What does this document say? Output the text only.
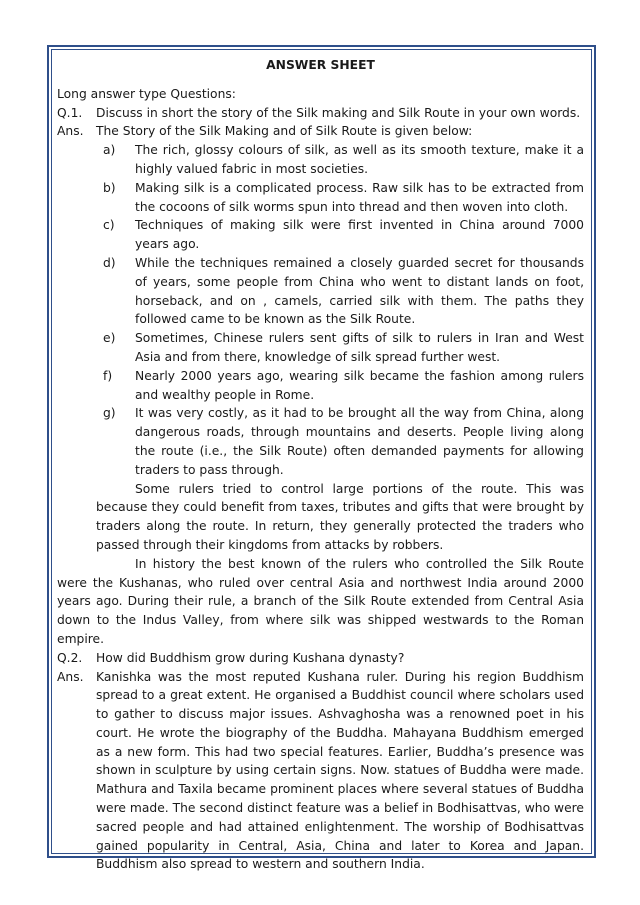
ANSWER SHEET

Long answer type Questions:

Q.1.	Discuss in short the story of the Silk making and Silk Route in your own words.
Ans.	The Story of the Silk Making and of Silk Route is given below:
a)	The rich, glossy colours of silk, as well as its smooth texture, make it a highly valued fabric in most societies.
b)	Making silk is a complicated process. Raw silk has to be extracted from the cocoons of silk worms spun into thread and then woven into cloth.
c)	Techniques of making silk were first invented in China around 7000 years ago.
d)	While the techniques remained a closely guarded secret for thousands of years, some people from China who went to distant lands on foot, horseback, and on , camels, carried silk with them. The paths they followed came to be known as the Silk Route.
e)	Sometimes, Chinese rulers sent gifts of silk to rulers in Iran and West Asia and from there, knowledge of silk spread further west.
f)	Nearly 2000 years ago, wearing silk became the fashion among rulers and wealthy people in Rome.
g)	It was very costly, as it had to be brought all the way from China, along dangerous roads, through mountains and deserts. People living along the route (i.e., the Silk Route) often demanded payments for allowing traders to pass through.

Some rulers tried to control large portions of the route. This was because they could benefit from taxes, tributes and gifts that were brought by traders along the route. In return, they generally protected the traders who passed through their kingdoms from attacks by robbers.

In history the best known of the rulers who controlled the Silk Route were the Kushanas, who ruled over central Asia and northwest India around 2000 years ago. During their rule, a branch of the Silk Route extended from Central Asia down to the Indus Valley, from where silk was shipped westwards to the Roman empire.

Q.2.	How did Buddhism grow during Kushana dynasty?
Ans.	Kanishka was the most reputed Kushana ruler. During his region Buddhism spread to a great extent. He organised a Buddhist council where scholars used to gather to discuss major issues. Ashvaghosha was a renowned poet in his court. He wrote the biography of the Buddha. Mahayana Buddhism emerged as a new form. This had two special features. Earlier, Buddha’s presence was shown in sculpture by using certain signs. Now. statues of Buddha were made. Mathura and Taxila became prominent places where several statues of Buddha were made. The second distinct feature was a belief in Bodhisattvas, who were sacred people and had attained enlightenment. The worship of Bodhisattvas gained popularity in Central, Asia, China and later to Korea and Japan. Buddhism also spread to western and southern India.
